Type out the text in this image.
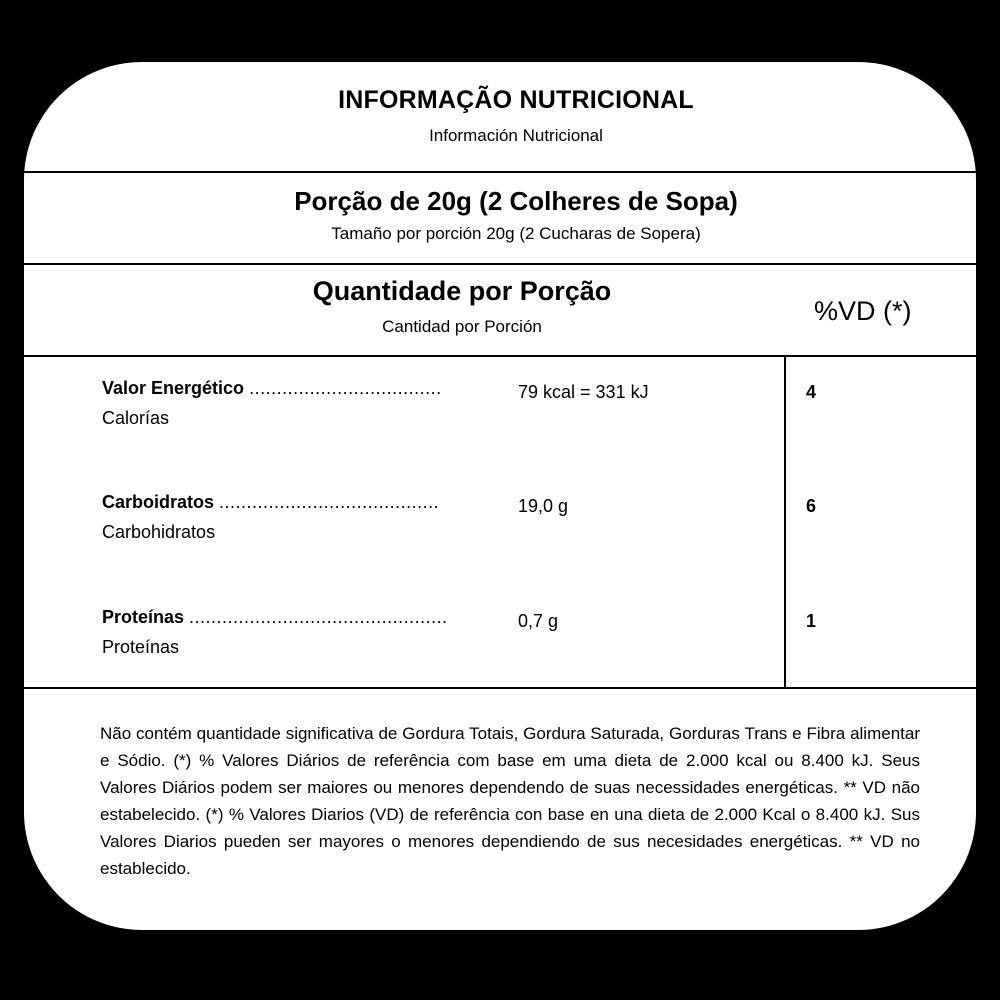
INFORMAÇÃO NUTRICIONAL
Información Nutricional
Porção de 20g (2 Colheres de Sopa)
Tamaño por porción 20g (2 Cucharas de Sopera)
Quantidade por Porção
Cantidad por Porción
%VD (*)
Valor Energético ...................................
Calorías
79 kcal = 331 kJ	4
Carboidratos ........................................
Carbohidratos
19,0 g	6
Proteínas ...............................................
Proteínas
0,7 g	1
Não contém quantidade significativa de Gordura Totais, Gordura Saturada, Gorduras Trans e Fibra alimentar e Sódio. (*) % Valores Diários de referência com base em uma dieta de 2.000 kcal ou 8.400 kJ. Seus Valores Diários podem ser maiores ou menores dependendo de suas necessidades energéticas. ** VD não estabelecido. (*) % Valores Diarios (VD) de referência con base en una dieta de 2.000 Kcal o 8.400 kJ. Sus Valores Diarios pueden ser mayores o menores dependiendo de sus necesidades energéticas. ** VD no establecido.
